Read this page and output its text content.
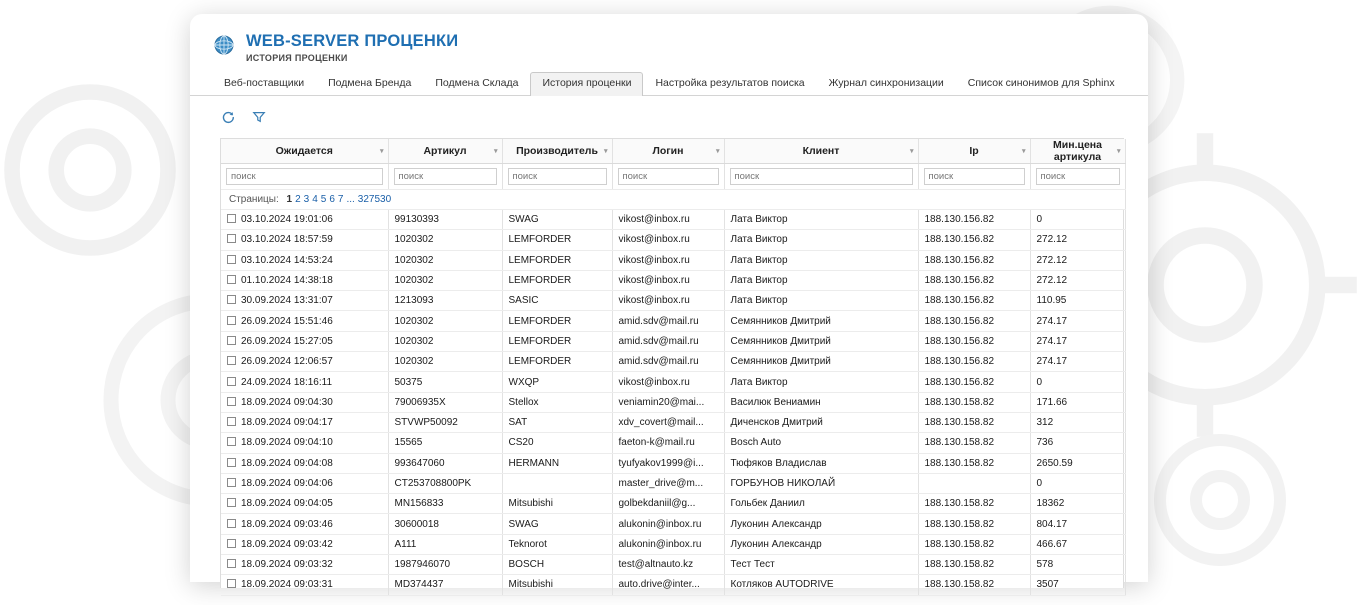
WEB-SERVER ПРОЦЕНКИ
ИСТОРИЯ ПРОЦЕНКИ
Веб-поставщики	Подмена Бренда	Подмена Склада	История проценки	Настройка результатов поиска	Журнал синхронизации	Список синонимов для Sphinx
Ожидается ▾	Артикул ▾	Производитель ▾	Логин ▾	Клиент ▾	Ip ▾	Мин.цена артикула ▾

поиск	поиск	поиск	поиск	поиск	поиск	поиск
Страницы: 1 2 3 4 5 6 7 ... 327530						
03.10.2024 19:01:06	99130393	SWAG	vikost@inbox.ru	Лата Виктор	188.130.156.82	0
03.10.2024 18:57:59	1020302	LEMFORDER	vikost@inbox.ru	Лата Виктор	188.130.156.82	272.12
03.10.2024 14:53:24	1020302	LEMFORDER	vikost@inbox.ru	Лата Виктор	188.130.156.82	272.12
01.10.2024 14:38:18	1020302	LEMFORDER	vikost@inbox.ru	Лата Виктор	188.130.156.82	272.12
30.09.2024 13:31:07	1213093	SASIC	vikost@inbox.ru	Лата Виктор	188.130.156.82	110.95
26.09.2024 15:51:46	1020302	LEMFORDER	amid.sdv@mail.ru	Семянников Дмитрий	188.130.156.82	274.17
26.09.2024 15:27:05	1020302	LEMFORDER	amid.sdv@mail.ru	Семянников Дмитрий	188.130.156.82	274.17
26.09.2024 12:06:57	1020302	LEMFORDER	amid.sdv@mail.ru	Семянников Дмитрий	188.130.156.82	274.17
24.09.2024 18:16:11	50375	WXQP	vikost@inbox.ru	Лата Виктор	188.130.156.82	0
18.09.2024 09:04:30	79006935X	Stellox	veniamin20@mai...	Василюк Вениамин	188.130.158.82	171.66
18.09.2024 09:04:17	STVWP50092	SAT	xdv_covert@mail...	Диченсков Дмитрий	188.130.158.82	312
18.09.2024 09:04:10	15565	CS20	faeton-k@mail.ru	Bosch Auto	188.130.158.82	736
18.09.2024 09:04:08	993647060	HERMANN	tyufyakov1999@i...	Тюфяков Владислав	188.130.158.82	2650.59
18.09.2024 09:04:06	CT253708800PK		master_drive@m...	ГОРБУНОВ НИКОЛАЙ		0
18.09.2024 09:04:05	MN156833	Mitsubishi	golbekdaniil@g...	Гольбек Даниил	188.130.158.82	18362
18.09.2024 09:03:46	30600018	SWAG	alukonin@inbox.ru	Луконин Александр	188.130.158.82	804.17
18.09.2024 09:03:42	A111	Teknorot	alukonin@inbox.ru	Луконин Александр	188.130.158.82	466.67
18.09.2024 09:03:32	1987946070	BOSCH	test@altnauto.kz	Тест Тест	188.130.158.82	578
18.09.2024 09:03:31	MD374437	Mitsubishi	auto.drive@inter...	Котляков AUTODRIVE	188.130.158.82	3507
